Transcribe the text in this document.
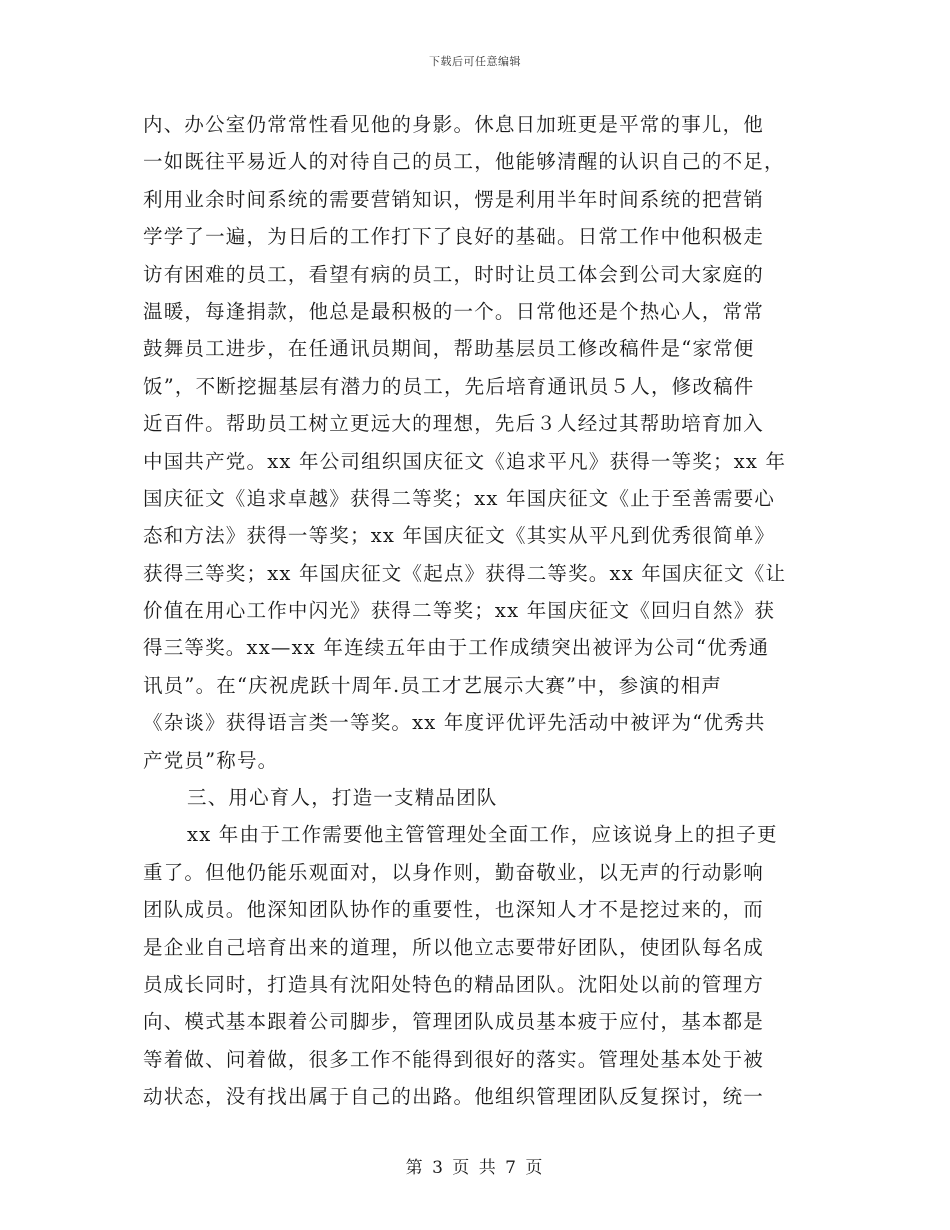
下载后可任意编辑
内、办公室仍常常性看见他的身影。休息日加班更是平常的事儿，他
一如既往平易近人的对待自己的员工，他能够清醒的认识自己的不足，
利用业余时间系统的需要营销知识，愣是利用半年时间系统的把营销
学学了一遍，为日后的工作打下了良好的基础。日常工作中他积极走
访有困难的员工，看望有病的员工，时时让员工体会到公司大家庭的
温暖，每逢捐款，他总是最积极的一个。日常他还是个热心人，常常
鼓舞员工进步，在任通讯员期间，帮助基层员工修改稿件是“家常便
饭”，不断挖掘基层有潜力的员工，先后培育通讯员５人，修改稿件
近百件。帮助员工树立更远大的理想，先后３人经过其帮助培育加入
中国共产党。xx 年公司组织国庆征文《追求平凡》获得一等奖；xx 年
国庆征文《追求卓越》获得二等奖；xx 年国庆征文《止于至善需要心
态和方法》获得一等奖；xx 年国庆征文《其实从平凡到优秀很简单》
获得三等奖；xx 年国庆征文《起点》获得二等奖。xx 年国庆征文《让
价值在用心工作中闪光》获得二等奖；xx 年国庆征文《回归自然》获
得三等奖。xx—xx 年连续五年由于工作成绩突出被评为公司“优秀通
讯员”。在“庆祝虎跃十周年.员工才艺展示大赛”中，参演的相声
《杂谈》获得语言类一等奖。xx 年度评优评先活动中被评为“优秀共
产党员”称号。
三、用心育人，打造一支精品团队
xx 年由于工作需要他主管管理处全面工作，应该说身上的担子更
重了。但他仍能乐观面对，以身作则，勤奋敬业，以无声的行动影响
团队成员。他深知团队协作的重要性，也深知人才不是挖过来的，而
是企业自己培育出来的道理，所以他立志要带好团队，使团队每名成
员成长同时，打造具有沈阳处特色的精品团队。沈阳处以前的管理方
向、模式基本跟着公司脚步，管理团队成员基本疲于应付，基本都是
等着做、问着做，很多工作不能得到很好的落实。管理处基本处于被
动状态，没有找出属于自己的出路。他组织管理团队反复探讨，统一
第 3 页 共 7 页
